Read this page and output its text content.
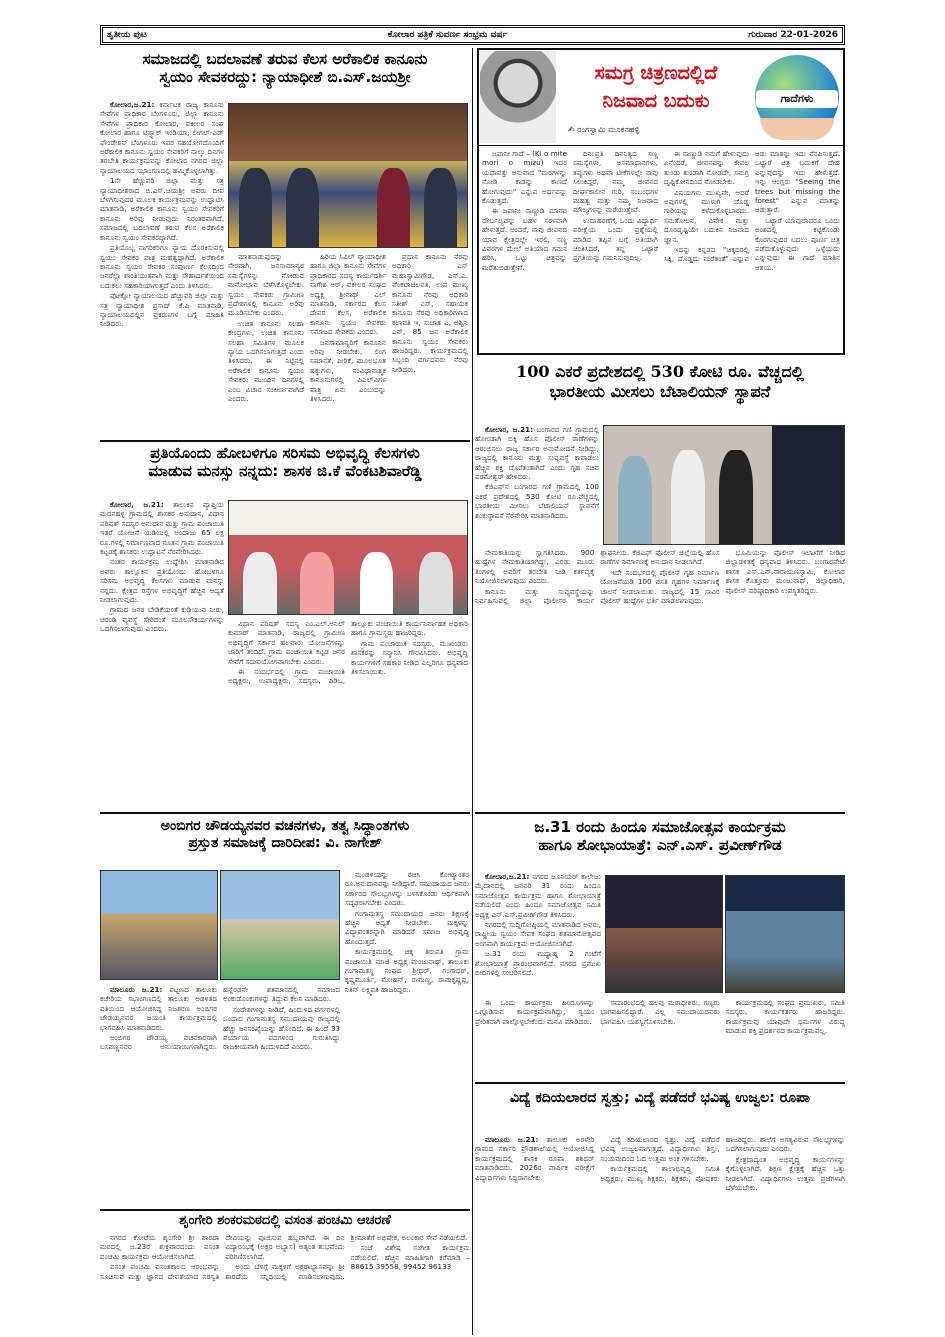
ತೃತೀಯ ಪುಟ	ಕೋಲಾರ ಪತ್ರಿಕೆ ಸುವರ್ಣ ಸಂಭ್ರಮ ವರ್ಷ	ಗುರುವಾರ 22-01-2026
ಸಮಾಜದಲ್ಲಿ ಬದಲಾವಣೆ ತರುವ ಕೆಲಸ ಅರೆಕಾಲಿಕ ಕಾನೂನು
ಸ್ವಯಂ ಸೇವಕರದ್ದು: ನ್ಯಾಯಾಧೀಶೆ ಬಿ.ಎಸ್.ಜಯಶ್ರೀ

ಕೋಲಾರ,ಜ.21: ಕರ್ನಾಟಕ ರಾಜ್ಯ ಕಾನೂನು ಸೇವೆಗಳ ಪ್ರಾಧಿಕಾರ ಬೆಂಗಳೂರು, ಜಿಲ್ಲಾ ಕಾನೂನು ಸೇವೆಗಳ ಪ್ರಾಧಿಕಾರ ಕೋಲಾರ, ವಕೀಲರ ಸಂಘ ಕೋಲಾರ ಹಾಗೂ ಟಿಸ್ಸ್ಯಾಕ್ ಇಂಡಿಯಾ, ಲೀಗಲ್-ಎಡ್ ಫೌಂಡೇಶನ್ ಬೆಂಗಳೂರು ಇವರ ಸಹಯೋಗದೊಂದಿಗೆ ಅರೆಕಾಲಿಕ ಕಾನೂನು ಸ್ವಯಂ ಸೇವಕರಿಗೆ ನಾಲ್ಕು ದಿನಗಳ ತರಬೇತಿ ಕಾರ್ಯಕ್ರಮವನ್ನು ಕೋಲಾರ ನಗರದ ಜಿಲ್ಲಾ ನ್ಯಾಯಾಲಯದ ಸಭಾಂಗಣದಲ್ಲಿ ಹಮ್ಮಿಕೊಳ್ಳಲಾಗಿತ್ತು.

1ನೇ ಹೆಚ್ಚುವರಿ ಜಿಲ್ಲಾ ಮತ್ತು ಸತ್ರ ನ್ಯಾಯಾಧೀಶರಾದ ಬಿ.ಎಸ್.ಜಯಶ್ರೀ ಅವರು ದೀಪ ಬೆಳಗಿಸುವುದರ ಮೂಲಕ ಕಾರ್ಯಕ್ರಮವನ್ನು ಉದ್ಘಾಟಿಸಿ ಮಾತನಾಡಿ, ಅರೆಕಾಲಿಕ ಕಾನೂನು ಸ್ವಯಂ ಸೇವಕರಿಗೆ ಕಾನೂನು ಅರಿವು ನೀಡುವುದು ನಿರಂತರವಾಗಿದೆ. ಸಮಾಜದಲ್ಲಿ ಬದಲಾವಣೆ ತರುವ ಕೆಲಸ ಅರೆಕಾಲಿಕ ಕಾನೂನು ಸ್ವಯಂ ಸೇವಕರದ್ದಾಗಿದೆ.

ಪ್ರತಿಯೊಬ್ಬ ನಾಗರಿಕರಿಗೂ ನ್ಯಾಯ ದೊರಕಿಸುವಲ್ಲಿ ಸ್ವಯಂ ಸೇವಕರ ಪಾತ್ರ ಮಹತ್ವದ್ದಾಗಿದೆ. ಅರೆಕಾಲಿಕ ಕಾನೂನು ಸ್ವಯಂ ಸೇವಕರ ಸಂಪೂರ್ಣ ಕೆಲಸದಿಂದ ಜನರೆಲ್ಲಾ ಶಾಂತಿಯುತವಾಗಿ ಮತ್ತು ಸೌಹಾರ್ದತೆಯಿಂದ ಬದುಕಲು ಸಹಕಾರಿಯಾಗುತ್ತದೆ ಎಂದು ತಿಳಿಸಿದರು.

ಪೋಕ್ಸೋ ನ್ಯಾಯಾಲಯದ ಹೆಚ್ಚುವರಿ ಜಿಲ್ಲಾ ಮತ್ತು ಸತ್ರ ನ್ಯಾಯಾಧೀಶ ಪ್ರಸಾದ್ ಕೆ.ಪಿ ಮಾತನಾಡಿ, ನ್ಯಾಯಾಲಯದಲ್ಲಿನ ಪ್ರಕರಣಗಳ ಬಗ್ಗೆ ಮಾಹಿತಿ ನೀಡಿದರು.

ಮಾತನಾಡುವುದನ್ನು ನೇರವಾಗಿ, ಜನಸಾಮಾನ್ಯರ ಸಮಸ್ಯೆಗಳನ್ನು ನೋಡುವ ಮನೋಭಾವ ಬೆಳೆಸಿಕೊಳ್ಳಬೇಕು. ಸ್ವಯಂ ಸೇವಕರು ಗ್ರಾಮೀಣ ಪ್ರದೇಶಗಳಲ್ಲಿ ಕಾನೂನು ಅರಿವು ಮೂಡಿಸಬೇಕು ಎಂದರು.

ಉಚಿತ ಕಾನೂನು ಸಲಹಾ ಕೇಂದ್ರಗಳು, ಉಚಿತ ಕಾನೂನು ಸಲಹಾ ಸಮಿತಿಗಳ ಮೂಲಕ ನ್ಯಾಯ ಒದಗಿಸಲಾಗುತ್ತದೆ ಎಂದು ತಿಳಿಸಿದರು. ಈ ನಿಟ್ಟಿನಲ್ಲಿ ಅರೆಕಾಲಿಕ ಕಾನೂನು ಸ್ವಯಂ ಸೇವಕರು ಮುಂದಿನ ದಿನಗಳಲ್ಲಿ ಎಂಬ ವಿಚಾರ ಸಂಕೀರ್ಣವಾಗಿದೆ ಎಂದರು.

ಹಿರಿಯ ಸಿವಿಲ್ ನ್ಯಾಯಾಧೀಶ ಹಾಗೂ ಜಿಲ್ಲಾ ಕಾನೂನು ಸೇವೆಗಳ ಪ್ರಾಧಿಕಾರದ ಸದಸ್ಯ ಕಾರ್ಯದರ್ಶಿ ನಾಗೇಶ ಆರ್, ವಕೀಲರ ಸಂಘದ ಅಧ್ಯಕ್ಷ ಶ್ರೀನಾಥ್ ಎಲ್ ಮಾತನಾಡಿ, ಸರ್ಕಾರದ ಕೆಲಸ ದೇವರ ಕೆಲಸ, ಅರೆಕಾಲಿಕ ಕಾನೂನು ಸ್ವಯಂ ಸೇವಕರು ಸಮಾಜದ ಸೇವಕರು ಎಂದರು.

ಜನಸಾಮಾನ್ಯರಿಗೆ ಕಾನೂನಿನ ಅರಿವು ನೀಡಬೇಕು, ಲಿಂಗ ಸಮಾನತೆ, ಪೀಠಿಕೆ, ಮೂಲಭೂತ ಹಕ್ಕುಗಳು, ಸಂವಿಧಾನಾತ್ಮಕ ಕಾನೂನುಗಳಲ್ಲಿ ಪಿಎಲ್‌ವಿಗಳ ಪಾತ್ರ ಏನು ಎಂಬುದನ್ನು ತಿಳಿಸಿದರು.

ಪ್ರಧಾನ ಕಾನೂನು ನೆರವು ಅಧಿಕಾರಿ ಎಸ್ ಮಹಾಸ್ವಾಮಿಗೌಡ, ಎಸ್.ಎ. ವೆಂಕಟಾಚಲಪತಿ, ಉಪ ಮುಖ್ಯ ಕಾನೂನು ನೆರವು ಅಧಿಕಾರಿ ಸತೀಶ್ ಎಸ್, ಸಹಾಯಕ ಕಾನೂನು ನೆರವು ಅಧಿಕಾರಿಗಳಾದ ಕಲಾವತಿ ಇ, ಸುಜಾತ ಎ, ಅಶ್ವಿನಿ ಎನ್, 85 ಜನ ಅರೆಕಾಲಿಕ ಕಾನೂನು ಸ್ವಯಂ ಸೇವಕರು ಹಾಜರಿದ್ದರು. ಕಾರ್ಯಕ್ರಮದಲ್ಲಿ ಸಿಬ್ಬಂದಿ ವರ್ಗದವರು ನೆರವು ನೀಡಿದರು.

ಸಮಗ್ರ ಚಿತ್ರಣದಲ್ಲಿದೆ
ನಿಜವಾದ ಬದುಕು
✍ ರಂಗಸ್ವಾಮಿ ಮೂಕನಹಳ್ಳಿ
ಗಾದೆಗಳು

ಜಪಾನೀ ಗಾದೆ – (Ki o mite mori o mizu) ಇದರ ಯಥಾವತ್ತು ಅನುವಾದ "ಮರಗಳನ್ನು ನೋಡಿ ಕಾಡನ್ನು ಕಾಣದೆ ಹೋಗುವುದು" ಎನ್ನುವ ಅರ್ಥವನ್ನು ಕೊಡುತ್ತದೆ.

ಈ ಜಪಾನೀ ನಾಣ್ಣುಡಿ ಮಾನವ ದೌರ್ಬಲ್ಯವನ್ನು ಬಹಳ ಸರಳವಾಗಿ ಹೇಳುತ್ತದೆ. ಅಂದರೆ, ನಾವು ಜೀವನದ ಯಾವ ಕ್ಷೇತ್ರದಲ್ಲೇ ಇರಲಿ, ಸಣ್ಣ ವಿವರಗಳ ಮೇಲೆ ಅತಿಯಾದ ಗಮನ ಹರಿಸಿ, ಒಟ್ಟು ಚಿತ್ರವನ್ನು ಮರೆತುಬಿಡುತ್ತೇವೆ.

ದಿನಂಪ್ರತಿ ದಿನನಿತ್ಯದ ಸಣ್ಣ ಸಮಸ್ಯೆಗಳು, ಅಸಮಾಧಾನಗಳು, ತಪ್ಪುಗಳು ಅಥವಾ ಟೀಕೆಗಳಲ್ಲೇ ನಾವು ಸಿಲುಕಿದ್ದರೆ, ನಮ್ಮ ಜೀವನದ ದೀರ್ಘಕಾಲೀನ ಗುರಿ, ಸಂಬಂಧಗಳ ಮಹತ್ವ ಮತ್ತು ನಮ್ಮ ನಿಜವಾದ ಮೌಲ್ಯಗಳನ್ನು ಮರೆಯುತ್ತೇವೆ.

ಉದಾಹರಣೆಗೆ, ಒಂದು ವಿದ್ಯಾರ್ಥಿ ಪರೀಕ್ಷೆಯ ಒಂದು ಪ್ರಶ್ನೆಯಲ್ಲಿ ಮಾಡಿದ ತಪ್ಪಿನ ಬಗ್ಗೆ ಅತಿಯಾಗಿ ಚಿಂತಿಸಿದರೆ, ತನ್ನ ಒಟ್ಟಾರೆ ಪ್ರಗತಿಯನ್ನು ಗಮನಿಸುವುದಿಲ್ಲ.

ಈ ನಾಣ್ಣುಡಿ ನಮಗೆ ಹೇಳುವುದು ಏನೆಂದರೆ, ಜೀವನವನ್ನು ಕೇವಲ ತುಂಡು ತುಂಡಾಗಿ ನೋಡದೇ, ಸಮಗ್ರ ದೃಷ್ಟಿಕೋನದಿಂದ ನೋಡಬೇಕು.

ವಿಷಯಗಳು ಮುಖ್ಯವೇ, ಆದರೆ ಅವುಗಳಲ್ಲಿ ಮುಳುಗಿ ದೊಡ್ಡ ಗುರಿಯನ್ನು ಕಳೆದುಕೊಳ್ಳಬಾರದು. ಸಮತೋಲನ, ವಿವೇಕ ಮತ್ತು ದೂರದೃಷ್ಟಿಯೇ ಬದುಕಿನ ನಿಜವಾದ ಜ್ಞಾನ.

ಇದನ್ನು ಕನ್ನಡದ "ಚಿಕ್ಕದರಲ್ಲಿ ಸಿಕ್ಕಿ, ದೊಡ್ಡದು ಮರೆತಂತೆ" ಎನ್ನುವ ಆಡು ಮಾತನ್ನು ಇದು ನೆನಪಿಸುತ್ತದೆ. ಒಟ್ಟಾರೆ ಚಿತ್ರ ಬದುಕಿಗೆ ದೇಹ ಎನ್ನುವುದನ್ನು ಇದು ಹೇಳುತ್ತದೆ. ಇನ್ನು ಆಂಗ್ಲರು "Seeing the trees but missing the forest" ಎನ್ನುವ ಮಾತನ್ನು ಆಡುತ್ತಾರೆ.

ಒಟ್ಟಾರೆ ಯಾವುದಾದರೂ ಒಂದು ಅಂಶದಲ್ಲಿ ಕಟ್ಟಿಕೊಂಡು ಕೊರಗುವುದರ ಬದಲು ಪೂರ್ಣ ಚಿತ್ರ ಪಡೆದುಕೊಳ್ಳುವುದು ಒಳ್ಳೆಯದು ಎನ್ನುವುದು ಈ ಗಾದೆ ಮಾತಿನ ಆಶಯ.

100 ಎಕರೆ ಪ್ರದೇಶದಲ್ಲಿ 530 ಕೋಟಿ ರೂ. ವೆಚ್ಚದಲ್ಲಿ
ಭಾರತೀಯ ಮೀಸಲು ಬೆಟಾಲಿಯನ್ ಸ್ಥಾಪನೆ

ಕೋಲಾರ, ಜ.21: ಬಂಗಾರದ ಗಣಿ ಗ್ರಾಮದಲ್ಲಿ ಹೋಂಡಾಗಿ ಬಿಕ್ಕಿ ಹೊಸ ಪೊಲೀಸ್ ಠಾಣೆಗಳನ್ನು ಆರಂಭಿಸಲು ರಾಜ್ಯ ಸರ್ಕಾರ ಅನುಮೋದನೆ ನೀಡಿದ್ದು, ರಾಜ್ಯದಲ್ಲಿ ಕಾನೂನು ಮತ್ತು ಸುವ್ಯವಸ್ಥೆ ಕಾಪಾಡಲು ಹೆಚ್ಚಿನ ಶಕ್ತಿ ದೊರೆತಂತಾಗಿದೆ ಎಂದು ಗೃಹ ಸಚಿವ ಪರಮೇಶ್ವರ್ ಹೇಳಿದರು.

ಕೆಜಿಎಫ್‌ನ ಬಂಗಾರದ ಗಣಿ ಗ್ರಾಮದಲ್ಲಿ 100 ಎಕರೆ ಪ್ರದೇಶದಲ್ಲಿ 530 ಕೋಟಿ ರೂ.ವೆಚ್ಚದಲ್ಲಿ ಭಾರತೀಯ ಮೀಸಲು ಬೆಟಾಲಿಯನ್ ಸ್ಥಾಪನೆಗೆ ಶಂಕುಸ್ಥಾಪನೆ ನೆರವೇರಿಸಿ ಮಾತನಾಡಿದರು.

ನೇಮಕಾತಿಯನ್ನು ಸ್ವಾಗತಿಸಿದರು. 900 ಹುದ್ದೆಗಳ ನೇಮಕಾತಿಯಾಗಿದ್ದು, ಎರಡು ಮೂರು ತಿಂಗಳಲ್ಲಿ ಅವರಿಗೆ ತರಬೇತಿ ನೀಡಿ ಕರ್ತವ್ಯಕ್ಕೆ ನಿಯೋಜಿಸಲಾಗುವುದು ಎಂದರು.

ಕಾನೂನು ಮತ್ತು ಸುವ್ಯವಸ್ಥೆಯನ್ನು ನಿರ್ವಹಿಸುವಲ್ಲಿ ಜಿಲ್ಲಾ ಪೊಲೀಸರ ಕಾರ್ಯ ಶ್ಲಾಘನೀಯ. ಕೆಜಿಎಫ್ ಪೊಲೀಸ್ ಜಿಲ್ಲೆಯಲ್ಲಿ ಹೊಸ ಠಾಣೆಗಳ ನಿರ್ಮಾಣಕ್ಕೆ ಅನುದಾನ ನೀಡಲಾಗಿದೆ.

ಇದೇ ಸಂದರ್ಭದಲ್ಲಿ ಪೊಲೀಸ್ ಗೃಹ ನಿರ್ಮಾಣ ಯೋಜನೆಯಡಿ 100 ವಸತಿ ಗೃಹಗಳ ನಿರ್ಮಾಣಕ್ಕೆ ಚಾಲನೆ ನೀಡಲಾಯಿತು. ರಾಜ್ಯದಲ್ಲಿ 15 ಸಾವಿರ ಪೊಲೀಸ್ ಹುದ್ದೆಗಳ ಭರ್ತಿ ಮಾಡಲಾಗುವುದು.

ಭೂಮಿಯನ್ನು ಪೊಲೀಸ್ ಇಲಾಖೆಗೆ ನೀಡಿದ ಜಿಲ್ಲಾಡಳಿತಕ್ಕೆ ಧನ್ಯವಾದ ತಿಳಿಸಿದರು. ಬಂಗಾರಪೇಟೆ ಶಾಸಕ ಎಸ್.ಎನ್.ನಾರಾಯಣಸ್ವಾಮಿ, ಕೋಲಾರ ಶಾಸಕ ಕೊತ್ತೂರು ಮಂಜುನಾಥ್, ಜಿಲ್ಲಾಧಿಕಾರಿ, ಪೊಲೀಸ್ ವರಿಷ್ಠಾಧಿಕಾರಿ ಉಪಸ್ಥಿತರಿದ್ದರು.

ಪ್ರತಿಯೊಂದು ಹೋಬಳಿಗೂ ಸರಿಸಮ ಅಭಿವೃದ್ಧಿ ಕೆಲಸಗಳು
ಮಾಡುವ ಮನಸ್ಸು ನನ್ನದು: ಶಾಸಕ ಜಿ.ಕೆ ವೆಂಕಟಶಿವಾರೆಡ್ಡಿ

ಕೋಲಾರ, ಜ.21: ತಾಲುಕಿನ ವ್ಯಾಪ್ತಿಯ ಮದನಹಳ್ಳಿ ಗ್ರಾಮದಲ್ಲಿ ಶಾಸಕರ ಅನುದಾನ, ವಿಧಾನ ಪರಿಷತ್ ಸದಸ್ಯರ ಅನುದಾನ ಮತ್ತು ಗ್ರಾಮ ಪಂಚಾಯಿತಿ ಇತರೆ ಯೋಜನೆ ಯಡಿಯಲ್ಲಿ ಅಂದಾಜು 65 ಲಕ್ಷ ರೂ.ಗಳಲ್ಲಿ ನಿರ್ಮಾಣವಾದ ನೂತನ ಗ್ರಾಮ ಪಂಚಾಯಿತಿ ಕಟ್ಟಡಕ್ಕೆ ಶಾಸಕರು ಉದ್ಘಾಟನೆ ನೆರವೇರಿಸಿದರು.

ನಂತರ ಕಾರ್ಯಕ್ರಮ ಉದ್ದೇಶಿಸಿ ಮಾತನಾಡಿದ ಅವರು ತಾಲ್ಲೂಕಿನ ಪ್ರತಿಯೊಂದು ಹೋಬಳಿಗೂ ಸರಿಸಮ ಅಭಿವೃದ್ಧಿ ಕೆಲಸಗಳು ಮಾಡುವ ಮನಸ್ಸು ನನ್ನದು. ಕ್ಷೇತ್ರದ ರಸ್ತೆಗಳ ಅಭಿವೃದ್ಧಿಗೆ ಹೆಚ್ಚಿನ ಆದ್ಯತೆ ನೀಡಲಾಗುವುದು.

ಗ್ರಾಮದ ಜನರ ಬೇಡಿಕೆಯಂತೆ ಕುಡಿಯುವ ನೀರು, ಚರಂಡಿ ವ್ಯವಸ್ಥೆ ಸೇರಿದಂತೆ ಮೂಲಸೌಕರ್ಯಗಳನ್ನು ಒದಗಿಸಲಾಗುವುದು ಎಂದರು.

ವಿಧಾನ ಪರಿಷತ್ ಸದಸ್ಯ ಎಂ.ಎಲ್.ಅನಿಲ್ ಕುಮಾರ್ ಮಾತನಾಡಿ, ರಾಜ್ಯದಲ್ಲಿ ಗ್ರಾಮೀಣ ಅಭಿವೃದ್ಧಿಗೆ ಸರ್ಕಾರ ಹಲವಾರು ಯೋಜನೆಗಳನ್ನು ಜಾರಿಗೆ ತಂದಿದೆ. ಗ್ರಾಮ ಪಂಚಾಯಿತಿ ಕಟ್ಟಡ ಜನರ ಸೇವೆಗೆ ಸದುಪಯೋಗವಾಗಬೇಕು ಎಂದರು.

ಈ ಸಂದರ್ಭದಲ್ಲಿ ಗ್ರಾಮ ಪಂಚಾಯಿತಿ ಅಧ್ಯಕ್ಷರು, ಉಪಾಧ್ಯಕ್ಷರು, ಸದಸ್ಯರು, ಪಿಡಿಒ, ತಾಲ್ಲೂಕು ಪಂಚಾಯಿತಿ ಕಾರ್ಯನಿರ್ವಾಹಕ ಅಧಿಕಾರಿ ಹಾಗೂ ಗ್ರಾಮಸ್ಥರು ಹಾಜರಿದ್ದರು.

ಗ್ರಾಮ ಪಂಚಾಯಿತಿ ಸದಸ್ಯರು, ಮುಖಂಡರು ಶಾಸಕರನ್ನು ಸನ್ಮಾನಿಸಿ ಗೌರವಿಸಿದರು. ಅಭಿವೃದ್ಧಿ ಕಾರ್ಯಗಳಿಗೆ ಸಹಕಾರ ನೀಡಿದ ಎಲ್ಲರಿಗೂ ಧನ್ಯವಾದ ತಿಳಿಸಲಾಯಿತು.

ಅಂಬಿಗರ ಚೌಡಯ್ಯನವರ ವಚನಗಳು, ತತ್ವ ಸಿದ್ಧಾಂತಗಳು
ಪ್ರಸ್ತುತ ಸಮಾಜಕ್ಕೆ ದಾರಿದೀಪ: ವಿ. ನಾಗೇಶ್

ಮಂಡಳಿಯನ್ನು ರಚಿಸಿ ಕೋಟ್ಯಾಂತರ ರೂ.ಅನುದಾನವನ್ನು ನೀಡಿದ್ದಾರೆ. ಸಮುದಾಯದ ಜನರು ಸರ್ಕಾರದ ಸೌಲಭ್ಯಗಳನ್ನು ಬಳಸಿಕೊಂಡು ಆರ್ಥಿಕವಾಗಿ ಸದೃಢರಾಗಬೇಕು ಎಂದರು.

ಗಂಗಾಮತಸ್ಥ ಸಮುದಾಯದ ಜನರು ಶಿಕ್ಷಣಕ್ಕೆ ಹೆಚ್ಚಿನ ಆದ್ಯತೆ ನೀಡಬೇಕು. ಮಕ್ಕಳನ್ನು ವಿದ್ಯಾವಂತರನ್ನಾಗಿ ಮಾಡಿದರೆ ಸಮಾಜ ಅಭಿವೃದ್ಧಿ ಹೊಂದುತ್ತದೆ.

ಕಾರ್ಯಕ್ರಮದಲ್ಲಿ ಚಿಕ್ಕ ತಿರುಪತಿ ಗ್ರಾಮ ಪಂಚಾಯಿತಿ ಮಾಜಿ ಅಧ್ಯಕ್ಷ ಮಂಜುನಾಥ್, ತಾಲೂಕು ಗಂಗಾಮತಸ್ಥ ಸಂಘದ ಶ್ರೀಧರ್, ಗಂಗಾಧರ್, ಕೃಷ್ಣಮೂರ್ತಿ, ಮೋಹನ್, ರಾಮಣ್ಣ, ರಾಮಕೃಷ್ಣಪ್ಪ, ನಿತಿನ್ ಲಕ್ಷ್ಮಿಪತಿ ಹಾಜರಿದ್ದರು.

ಮಾಲೂರು ಜ.21: ಪಟ್ಟಣದ ತಾಲೂಕು ಕಚೇರಿಯ ಸಭಾಂಗಣದಲ್ಲಿ ತಾಲೂಕು ಆಡಳಿತದ ವತಿಯಿಂದ ಆಯೋಜಿಸಿದ್ದ ನಿಜಶರಣ ಅಂಬಿಗರ ಚೌಡಯ್ಯನವರ ಜಯಂತಿ ಕಾರ್ಯಕ್ರಮದಲ್ಲಿ ಭಾಗವಹಿಸಿ ಮಾತನಾಡಿದರು.

ಅಂಬಿಗರ ಚೌಡಯ್ಯ ವಚನಕಾರರಾಗಿ ಬಸವಣ್ಣನವರ ಅನುಯಾಯಿಗಳಾಗಿದ್ದರು. ಹನ್ನೆರಡನೇ ಶತಮಾನದಲ್ಲಿ ಸಮಾಜದ ಅಂಕುಡೊಂಕುಗಳನ್ನು ತಿದ್ದುವ ಕೆಲಸ ಮಾಡಿದರು.

ಸಂದೇಶಗಳನ್ನು ನೀಡಿದೆ, ಹಿಂದುಳಿದ ವರ್ಗಗಳಲ್ಲಿ ಒಂದಾದ ಗಂಗಾಮತಸ್ಥ ಸಮುದಾಯವು ರಾಜ್ಯದಲ್ಲಿ ಹೆಚ್ಚು ಜನಸಂಖ್ಯೆಯನ್ನು ಹೊಂದಿದೆ. ಈ ಹಿಂದೆ 33 ಪರ್ಯಾಯ ಪದಗಳಿಂದ ಗುರುತಿಸಿದ್ದು ರಾಜಕೀಯವಾಗಿ ಹಿಂದುಳಿದಿದೆ ಎಂದರು.

ಶೃಂಗೇರಿ ಶಂಕರಮಠದಲ್ಲಿ ವಸಂತ ಪಂಚಮಿ ಆಚರಣೆ

ನಗರದ ಕೋಟೆಯ ಶೃಂಗೇರಿ ಶ್ರೀ ಶಾರದಾ ಮಠದಲ್ಲಿ ಜ.23ರ ಶುಕ್ರವಾರದಂದು ವಸಂತ ಪಂಚಮಿ ಕಾರ್ಯಕ್ರಮ ಆಯೋಜಿಸಲಾಗಿದೆ.

ವಸಂತ ಪಂಚಮಿ ವಸಂತಕಾಲದ ಆರಂಭವನ್ನು ಸೂಚಿಸುವ ಮತ್ತು ಜ್ಞಾನದ ದೇವತೆಯಾದ ಸರಸ್ವತಿ ದೇವಿಯನ್ನು ಪೂಜಿಸುವ ಹಬ್ಬವಾಗಿದೆ. ಈ ದಿನ ವಿದ್ಯಾರಂಭಕ್ಕೆ (ಅಕ್ಷರ ಅಭ್ಯಾಸ) ಅತ್ಯಂತ ಶುಭವೆಂದು ಪರಿಗಣಿಸಲಾಗಿದೆ.

ಅಂದು ಬೆಳಿಗ್ಗೆ ಮಕ್ಕಳಿಗೆ ಅಕ್ಷರಾಭ್ಯಾಸವನ್ನು ಶ್ರೀ ಶಾರದೆಯ ಸನ್ನಿಧಿಯಲ್ಲಿ ಮಾಡಿಸಲಾಗುವುದು. ಶ್ರೀಮಾತೆಗೆ ಅಭಿಷೇಕ, ಅಲಂಕಾರ ಸೇವೆ ನಡೆಯಲಿದೆ.

ಸಂಜೆ ವಿಶೇಷ ಸಂಗೀತ ಕಾರ್ಯಕ್ರಮ ನಡೆಯಲಿದೆ. ಹೆಚ್ಚಿನ ಮಾಹಿತಿಗಾಗಿ ಕರೆಮಾಡಿ – 88615 39558, 99452 96133

ಜ.31 ರಂದು ಹಿಂದೂ ಸಮಾಜೋತ್ಸವ ಕಾರ್ಯಕ್ರಮ
ಹಾಗೂ ಶೋಭಾಯಾತ್ರೆ: ಎನ್.ಎಸ್. ಪ್ರವೀಣ್‌ಗೌಡ

ಕೋಲಾರ,ಜ.21: ನಗರದ ಜೂನಿಯರ್ ಕಾಲೇಜು ಮೈದಾನದಲ್ಲಿ ಜನವರಿ 31 ರಂದು ಹಿಂದೂ ಸಮಾಜೋತ್ಸವ ಕಾರ್ಯಕ್ರಮ ಹಾಗೂ ಶೋಭಾಯಾತ್ರೆ ನಡೆಯಲಿದೆ ಎಂದು ಹಿಂದೂ ಸಮಾಜೋತ್ಸವ ಸಮಿತಿ ಅಧ್ಯಕ್ಷ ಎನ್.ಎಸ್.ಪ್ರವೀಣ್‌ಗೌಡ ತಿಳಿಸಿದರು.

ನಗರದಲ್ಲಿ ಸುದ್ದಿಗೋಷ್ಠಿಯಲ್ಲಿ ಮಾತನಾಡಿದ ಅವರು, ರಾಷ್ಟ್ರೀಯ ಸ್ವಯಂ ಸೇವಕ ಸಂಘದ ಶತಮಾನೋತ್ಸವದ ಅಂಗವಾಗಿ ಕಾರ್ಯಕ್ರಮ ಆಯೋಜಿಸಲಾಗಿದೆ.

ಜ.31 ರಂದು ಮಧ್ಯಾಹ್ನ 2 ಗಂಟೆಗೆ ಶೋಭಾಯಾತ್ರೆ ಪ್ರಾರಂಭವಾಗಲಿದೆ. ನಗರದ ಪ್ರಮುಖ ಬೀದಿಗಳಲ್ಲಿ ಸಂಚರಿಸಲಿದೆ.

ಈ ಒಂದು ಕಾರ್ಯಕ್ರಮ ಹಿಂದೂಗಳನ್ನು ಒಗ್ಗೂಡಿಸುವ ಕಾರ್ಯಕ್ರಮವಾಗಿದ್ದು, ಸ್ವಯಂ ಪ್ರೇರಿತರಾಗಿ ಪಾಲ್ಗೊಳ್ಳಬೇಕೆಂದು ಮನವಿ ಮಾಡಿದರು.

ಸಮಾರಂಭದಲ್ಲಿ ಹಲವು ಮಠಾಧೀಶರು, ಗಣ್ಯರು ಭಾಗವಹಿಸಲಿದ್ದಾರೆ. ಎಲ್ಲ ಸಮುದಾಯದವರು ಭಾಗವಹಿಸಿ ಯಶಸ್ವಿಗೊಳಿಸಬೇಕು.

ಕಾರ್ಯಕ್ರಮದಲ್ಲಿ ಸಂಘದ ಪ್ರಮುಖರು, ಸಮಿತಿ ಸದಸ್ಯರು, ಕಾರ್ಯಕರ್ತರು ಹಾಜರಿದ್ದರು. ಕಾರ್ಯಕ್ರಮವು ಯಾವುದೇ ಧರ್ಮಗಳ ವಿರುದ್ಧ ಮಾಡುವ ಶಕ್ತಿ ಪ್ರದರ್ಶನದ ಕಾರ್ಯಕ್ರಮವಲ್ಲ.

ವಿದ್ಯೆ ಕದಿಯಲಾರದ ಸ್ವತ್ತು; ವಿದ್ಯೆ ಪಡೆದರೆ ಭವಿಷ್ಯ ಉಜ್ವಲ: ರೂಪಾ

ಮಾಲೂರು ಜ.21: ತಾಲೂಕು ಅರಳೇರಿ ಗ್ರಾಮದ ಸರ್ಕಾರಿ ಪ್ರೌಢಶಾಲೆಯಲ್ಲಿ ಆಯೋಜಿಸಿದ್ದ ಕಾರ್ಯಕ್ರಮದಲ್ಲಿ ಶಾಸಕಿ ರೂಪಾ ಶಶಿಧರ್ ಮಾತನಾಡಿದರು. 2026ರ ವಾರ್ಷಿಕ ಪರೀಕ್ಷೆಗೆ ವಿದ್ಯಾರ್ಥಿಗಳು ಸಿದ್ಧರಾಗಬೇಕು.

ವಿದ್ಯೆ ಕದಿಯಲಾರದ ಸ್ವತ್ತು. ವಿದ್ಯೆ ಪಡೆದರೆ ಭವಿಷ್ಯ ಉಜ್ವಲವಾಗುತ್ತದೆ. ವಿದ್ಯಾರ್ಥಿಗಳು ಶಿಸ್ತು, ಸಂಯಮದಿಂದ ಓದಿ ಉತ್ತಮ ಅಂಕ ಗಳಿಸಬೇಕು.

ಕಾರ್ಯಕ್ರಮದಲ್ಲಿ ಶಾಲಾಭಿವೃದ್ಧಿ ಸಮಿತಿ ಅಧ್ಯಕ್ಷರು, ಮುಖ್ಯ ಶಿಕ್ಷಕರು, ಶಿಕ್ಷಕರು, ಪೋಷಕರು ಹಾಜರಿದ್ದರು. ಶಾಲೆಗೆ ಅಗತ್ಯವಿರುವ ಸೌಲಭ್ಯಗಳನ್ನು ಒದಗಿಸಲಾಗುವುದು ಎಂದರು.

ಕ್ಷೇತ್ರದಾದ್ಯಂತ ಅಭಿವೃದ್ಧಿ ಕಾರ್ಯಗಳನ್ನು ಕೈಗೊಳ್ಳಲಾಗಿದೆ. ಶಿಕ್ಷಣ ಕ್ಷೇತ್ರಕ್ಕೆ ಹೆಚ್ಚಿನ ಒತ್ತು ನೀಡಲಾಗಿದೆ. ವಿದ್ಯಾರ್ಥಿಗಳು ಉತ್ತಮ ಪ್ರಜೆಗಳಾಗಿ ಬೆಳೆಯಬೇಕು.
